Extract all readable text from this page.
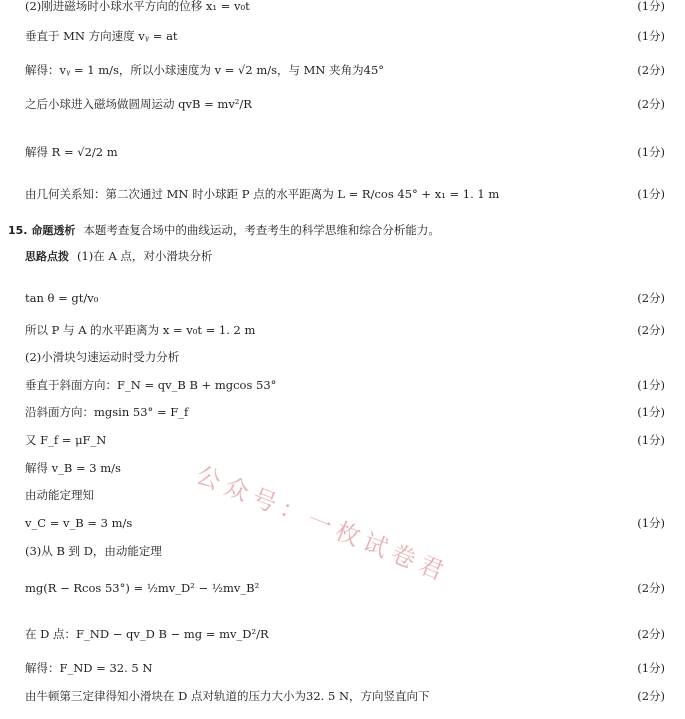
(2)刚进磁场时小球水平方向的位移 x₁ = v₀t	(1分)
垂直于 MN 方向速度 vᵧ = at	(1分)
解得：vᵧ = 1 m/s，所以小球速度为 v = √2 m/s，与 MN 夹角为45°	(2分)
之后小球进入磁场做圆周运动 qvB = mv²/R	(2分)
解得 R = √2/2 m	(1分)
由几何关系知：第二次通过 MN 时小球距 P 点的水平距离为 L = R/cos 45° + x₁ = 1. 1 m	(1分)
15. 命题透析 本题考查复合场中的曲线运动，考查考生的科学思维和综合分析能力。
思路点拨 (1)在 A 点，对小滑块分析
tan θ = gt/v₀	(2分)
所以 P 与 A 的水平距离为 x = v₀t = 1. 2 m	(2分)
(2)小滑块匀速运动时受力分析
垂直于斜面方向：F_N = qv_B B + mgcos 53°	(1分)
沿斜面方向：mgsin 53° = F_f	(1分)
又 F_f = μF_N	(1分)
解得 v_B = 3 m/s
由动能定理知
v_C = v_B = 3 m/s	(1分)
(3)从 B 到 D，由动能定理
mg(R − Rcos 53°) = ½mv_D² − ½mv_B²	(2分)
在 D 点：F_ND − qv_D B − mg = mv_D²/R	(2分)
解得：F_ND = 32. 5 N	(1分)
由牛顿第三定律得知小滑块在 D 点对轨道的压力大小为32. 5 N，方向竖直向下	(2分)
公众号：一枚试卷君
